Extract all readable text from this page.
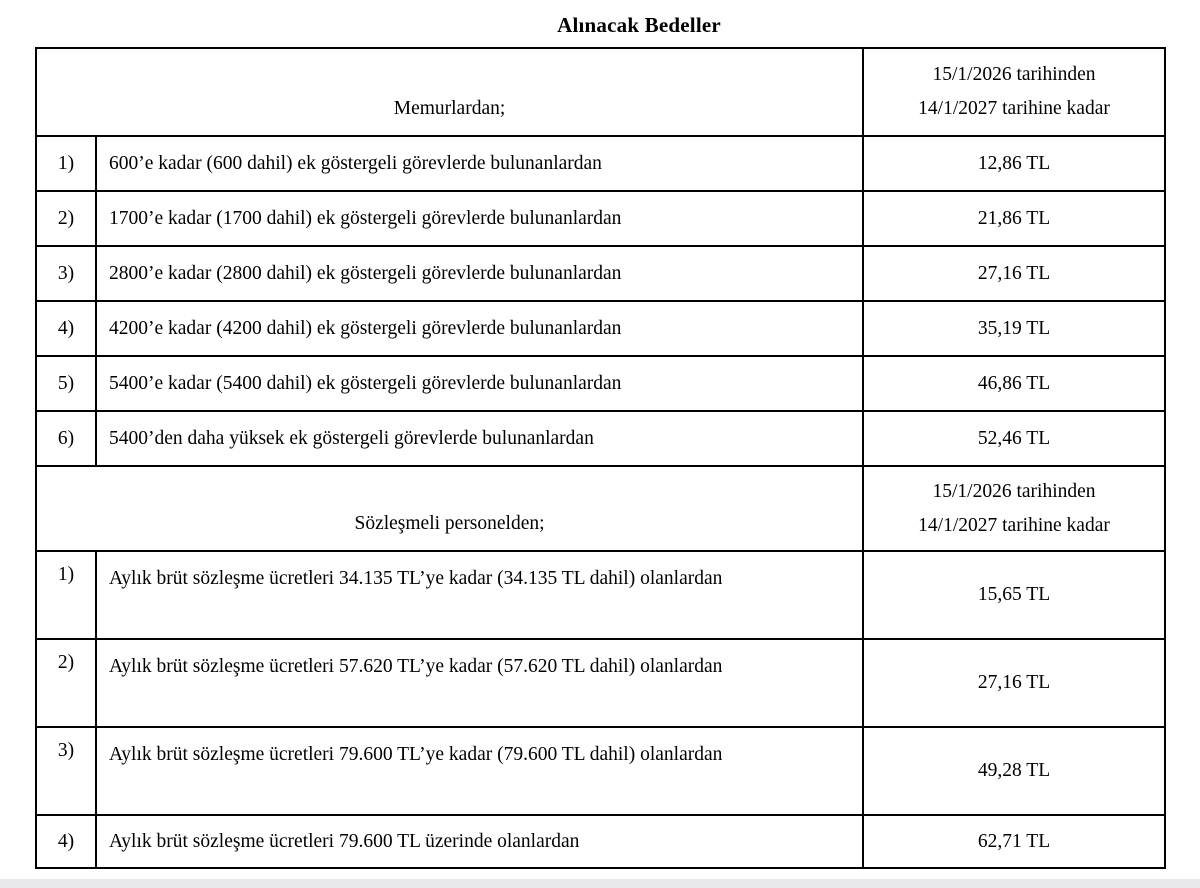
Alınacak Bedeller
Memurlardan;		15/1/2026 tarihinden
14/1/2027 tarihine kadar

1)	600’e kadar (600 dahil) ek göstergeli görevlerde bulunanlardan	12,86 TL
2)	1700’e kadar (1700 dahil) ek göstergeli görevlerde bulunanlardan	21,86 TL
3)	2800’e kadar (2800 dahil) ek göstergeli görevlerde bulunanlardan	27,16 TL
4)	4200’e kadar (4200 dahil) ek göstergeli görevlerde bulunanlardan	35,19 TL
5)	5400’e kadar (5400 dahil) ek göstergeli görevlerde bulunanlardan	46,86 TL
6)	5400’den daha yüksek ek göstergeli görevlerde bulunanlardan	52,46 TL
Sözleşmeli personelden;		15/1/2026 tarihinden
14/1/2027 tarihine kadar

1)	Aylık brüt sözleşme ücretleri 34.135 TL’ye kadar (34.135 TL dahil) olanlardan	15,65 TL
2)	Aylık brüt sözleşme ücretleri 57.620 TL’ye kadar (57.620 TL dahil) olanlardan	27,16 TL
3)	Aylık brüt sözleşme ücretleri 79.600 TL’ye kadar (79.600 TL dahil) olanlardan	49,28 TL
4)	Aylık brüt sözleşme ücretleri 79.600 TL üzerinde olanlardan	62,71 TL
